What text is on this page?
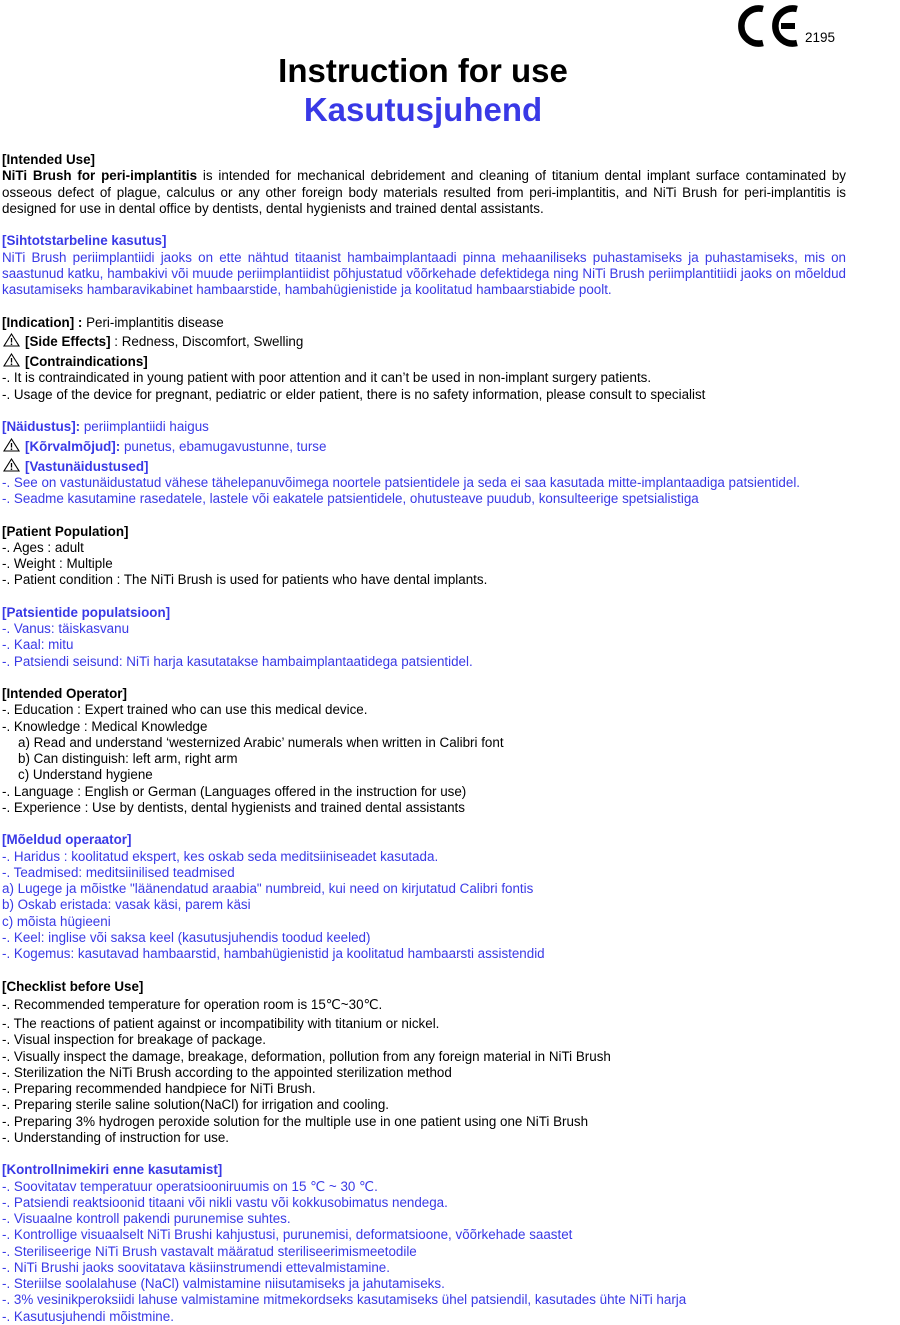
2195
Instruction for use
Kasutusjuhend

[Intended Use]

NiTi Brush for peri-implantitis is intended for mechanical debridement and cleaning of titanium dental implant surface contaminated by osseous defect of plague, calculus or any other foreign body materials resulted from peri-implantitis, and NiTi Brush for peri-implantitis is designed for use in dental office by dentists, dental hygienists and trained dental assistants.

[Sihtotstarbeline kasutus]

NiTi Brush periimplantiidi jaoks on ette nähtud titaanist hambaimplantaadi pinna mehaaniliseks puhastamiseks ja puhastamiseks, mis on saastunud katku, hambakivi või muude periimplantiidist põhjustatud võõrkehade defektidega ning NiTi Brush periimplantitiidi jaoks on mõeldud kasutamiseks hambaravikabinet hambaarstide, hambahügienistide ja koolitatud hambaarstiabide poolt.

[Indication] : Peri-implantitis disease

[Side Effects] : Redness, Discomfort, Swelling

[Contraindications]

-. It is contraindicated in young patient with poor attention and it can’t be used in non-implant surgery patients.

-. Usage of the device for pregnant, pediatric or elder patient, there is no safety information, please consult to specialist

[Näidustus]: periimplantiidi haigus

[Kõrvalmõjud]: punetus, ebamugavustunne, turse

[Vastunäidustused]

-. See on vastunäidustatud vähese tähelepanuvõimega noortele patsientidele ja seda ei saa kasutada mitte-implantaadiga patsientidel.

-. Seadme kasutamine rasedatele, lastele või eakatele patsientidele, ohutusteave puudub, konsulteerige spetsialistiga

[Patient Population]

-. Ages : adult

-. Weight : Multiple

-. Patient condition : The NiTi Brush is used for patients who have dental implants.

[Patsientide populatsioon]

-. Vanus: täiskasvanu

-. Kaal: mitu

-. Patsiendi seisund: NiTi harja kasutatakse hambaimplantaatidega patsientidel.

[Intended Operator]

-. Education : Expert trained who can use this medical device.

-. Knowledge : Medical Knowledge

a) Read and understand ‘westernized Arabic’ numerals when written in Calibri font

b) Can distinguish: left arm, right arm

c) Understand hygiene

-. Language : English or German (Languages offered in the instruction for use)

-. Experience : Use by dentists, dental hygienists and trained dental assistants

[Mõeldud operaator]

-. Haridus : koolitatud ekspert, kes oskab seda meditsiiniseadet kasutada.

-. Teadmised: meditsiinilised teadmised

a) Lugege ja mõistke "läänendatud araabia" numbreid, kui need on kirjutatud Calibri fontis

b) Oskab eristada: vasak käsi, parem käsi

c) mõista hügieeni

-. Keel: inglise või saksa keel (kasutusjuhendis toodud keeled)

-. Kogemus: kasutavad hambaarstid, hambahügienistid ja koolitatud hambaarsti assistendid

[Checklist before Use]

-. Recommended temperature for operation room is 15℃~30℃.

-. The reactions of patient against or incompatibility with titanium or nickel.

-. Visual inspection for breakage of package.

-. Visually inspect the damage, breakage, deformation, pollution from any foreign material in NiTi Brush

-. Sterilization the NiTi Brush according to the appointed sterilization method

-. Preparing recommended handpiece for NiTi Brush.

-. Preparing sterile saline solution(NaCl) for irrigation and cooling.

-. Preparing 3% hydrogen peroxide solution for the multiple use in one patient using one NiTi Brush

-. Understanding of instruction for use.

[Kontrollnimekiri enne kasutamist]

-. Soovitatav temperatuur operatsiooniruumis on 15 ℃ ~ 30 ℃.

-. Patsiendi reaktsioonid titaani või nikli vastu või kokkusobimatus nendega.

-. Visuaalne kontroll pakendi purunemise suhtes.

-. Kontrollige visuaalselt NiTi Brushi kahjustusi, purunemisi, deformatsioone, võõrkehade saastet

-. Steriliseerige NiTi Brush vastavalt määratud steriliseerimismeetodile

-. NiTi Brushi jaoks soovitatava käsiinstrumendi ettevalmistamine.

-. Steriilse soolalahuse (NaCl) valmistamine niisutamiseks ja jahutamiseks.

-. 3% vesinikperoksiidi lahuse valmistamine mitmekordseks kasutamiseks ühel patsiendil, kasutades ühte NiTi harja

-. Kasutusjuhendi mõistmine.
